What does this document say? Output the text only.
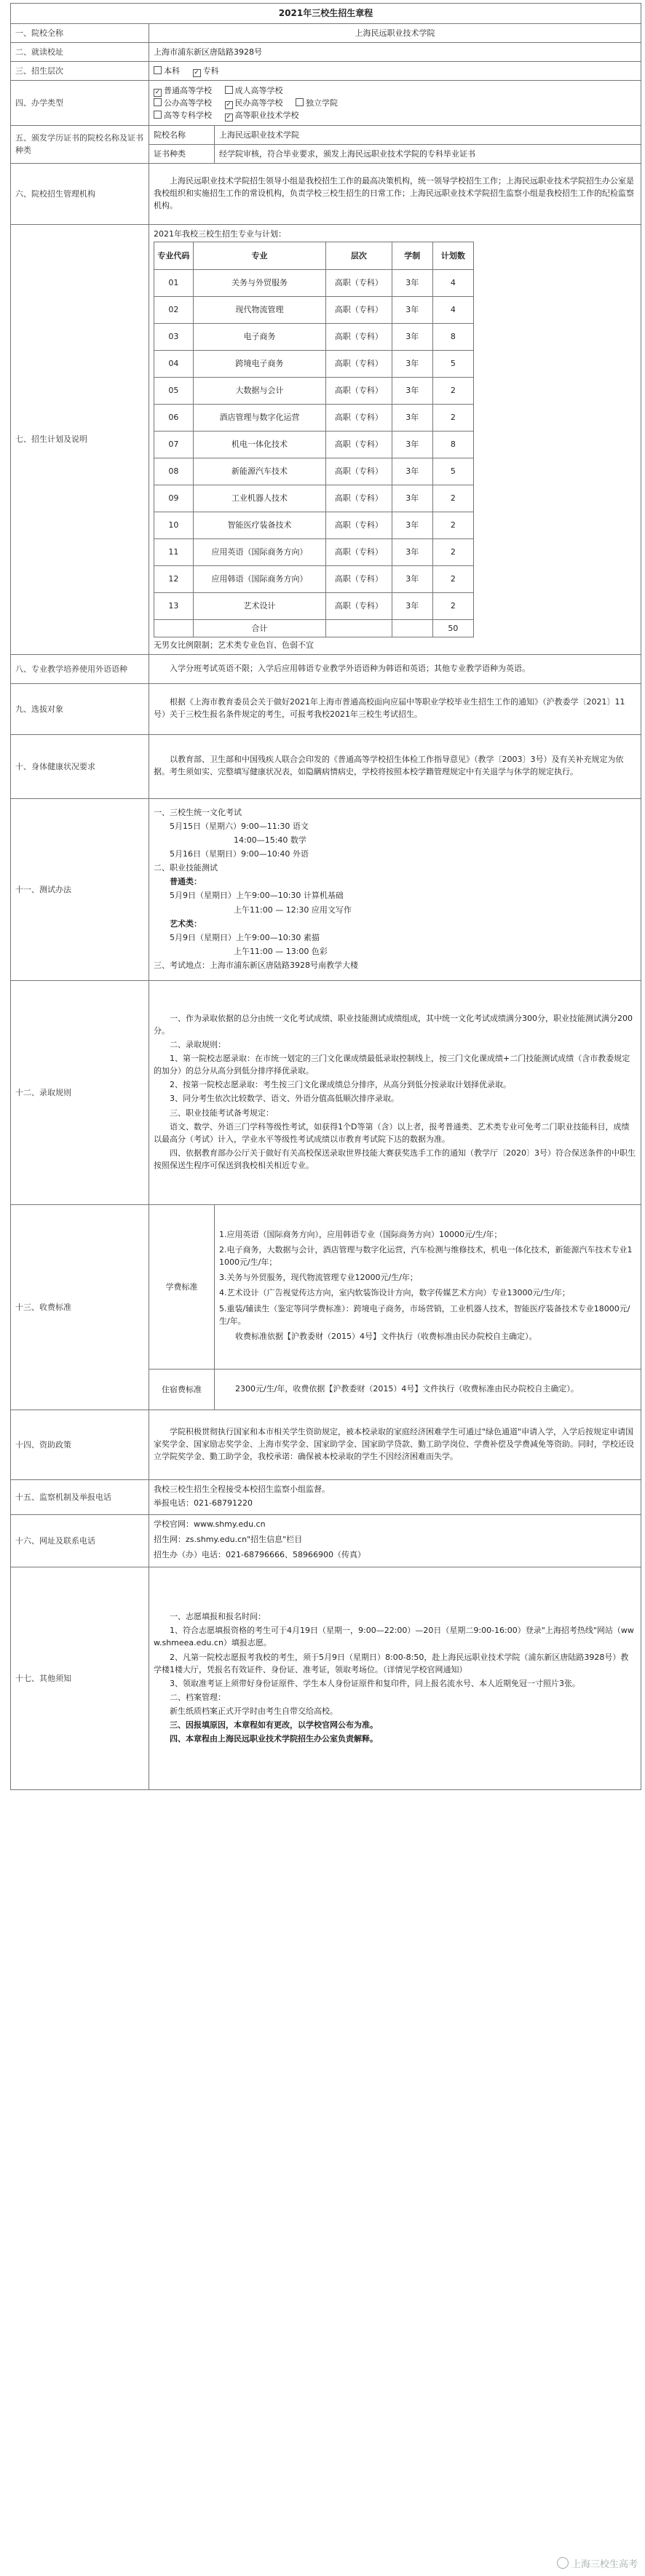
2021年三校生招生章程
一、院校全称	上海民远职业技术学院
二、就读校址	上海市浦东新区唐陆路3928号
三、招生层次	本科 ✓ 专科
四、办学类型	
✓ 普通高等学校	成人高等学校
公办高等学校 ✓ 民办高等学校	独立学院
高等专科学校 ✓ 高等职业技术学校

五、颁发学历证书的院校名称及证书种类	院校名称	上海民远职业技术学院
证书种类	经学院审核，符合毕业要求，颁发上海民远职业技术学院的专科毕业证书
六、院校招生管理机构	

上海民远职业技术学院招生领导小组是我校招生工作的最高决策机构，统一领导学校招生工作；上海民远职业技术学院招生办公室是我校组织和实施招生工作的常设机构，负责学校三校生招生的日常工作；上海民远职业技术学院招生监察小组是我校招生工作的纪检监察机构。

七、招生计划及说明	
2021年我校三校生招生专业与计划：
专业代码	专业	层次	学制	计划数
01	关务与外贸服务	高职（专科）	3年	4
02	现代物流管理	高职（专科）	3年	4
03	电子商务	高职（专科）	3年	8
04	跨境电子商务	高职（专科）	3年	5
05	大数据与会计	高职（专科）	3年	2
06	酒店管理与数字化运营	高职（专科）	3年	2
07	机电一体化技术	高职（专科）	3年	8
08	新能源汽车技术	高职（专科）	3年	5
09	工业机器人技术	高职（专科）	3年	2
10	智能医疗装备技术	高职（专科）	3年	2
11	应用英语（国际商务方向）	高职（专科）	3年	2
12	应用韩语（国际商务方向）	高职（专科）	3年	2
13	艺术设计	高职（专科）	3年	2
	合计			50
无男女比例限制；艺术类专业色盲、色弱不宜

八、专业教学培养使用外语语种	入学分班考试英语不限；入学后应用韩语专业教学外语语种为韩语和英语；其他专业教学语种为英语。

九、选拔对象	

根据《上海市教育委员会关于做好2021年上海市普通高校面向应届中等职业学校毕业生招生工作的通知》（沪教委学〔2021〕11号）关于三校生报名条件规定的考生，可报考我校2021年三校生考试招生。

十、身体健康状况要求	

以教育部、卫生部和中国残疾人联合会印发的《普通高等学校招生体检工作指导意见》（教学〔2003〕3号）及有关补充规定为依据。考生须如实、完整填写健康状况表，如隐瞒病情病史，学校将按照本校学籍管理规定中有关退学与休学的规定执行。

十一、测试办法	

一、三校生统一文化考试

5月15日（星期六）9:00—11:30 语文

14:00—15:40 数学

5月16日（星期日）9:00—10:40 外语

二、职业技能测试

普通类：

5月9日（星期日）上午9:00—10:30 计算机基础

上午11:00 — 12:30 应用文写作

艺术类：

5月9日（星期日）上午9:00—10:30 素描

上午11:00 — 13:00 色彩

三、考试地点：上海市浦东新区唐陆路3928号南教学大楼

十二、录取规则	

一、作为录取依据的总分由统一文化考试成绩、职业技能测试成绩组成，其中统一文化考试成绩满分300分，职业技能测试满分200分。

二、录取规则：

1、第一院校志愿录取：在市统一划定的三门文化课成绩最低录取控制线上，按三门文化课成绩+二门技能测试成绩（含市教委规定的加分）的总分从高分到低分排序择优录取。

2、按第一院校志愿录取：考生按三门文化课成绩总分排序，从高分到低分按录取计划择优录取。

3、同分考生依次比较数学、语文、外语分值高低顺次排序录取。

三、职业技能考试备考规定：

语文、数学、外语三门学科等级性考试，如获得1个D等第（含）以上者，报考普通类、艺术类专业可免考二门职业技能科目，成绩以最高分（考试）计入，学业水平等级性考试成绩以市教育考试院下达的数据为准。

四、依据教育部办公厅关于做好有关高校保送录取世界技能大赛获奖选手工作的通知（教学厅〔2020〕3号）符合保送条件的中职生按照保送生程序可保送到我校相关相近专业。

十三、收费标准	学费标准	

1.应用英语（国际商务方向），应用韩语专业（国际商务方向）10000元/生/年；

2.电子商务，大数据与会计，酒店管理与数字化运营，汽车检测与维修技术，机电一体化技术，新能源汽车技术专业11000元/生/年；

3.关务与外贸服务，现代物流管理专业12000元/生/年；

4.艺术设计（广告视觉传达方向，室内软装饰设计方向，数字传媒艺术方向）专业13000元/生/年；

5.重装/辅读生（鉴定等同学费标准）：跨境电子商务，市场营销，工业机器人技术，智能医疗装备技术专业18000元/生/年。

收费标准依据【沪教委财（2015）4号】文件执行（收费标准由民办院校自主确定）。

住宿费标准	2300元/生/年，收费依据【沪教委财（2015）4号】文件执行（收费标准由民办院校自主确定）。

十四、资助政策	

学院积极贯彻执行国家和本市相关学生资助规定，被本校录取的家庭经济困难学生可通过"绿色通道"申请入学，入学后按规定申请国家奖学金、国家励志奖学金、上海市奖学金、国家助学金、国家助学贷款、勤工助学岗位、学费补偿及学费减免等资助。同时，学校还设立学院奖学金、勤工助学金，我校承诺：确保被本校录取的学生不因经济困难而失学。

十五、监察机制及举报电话	

我校三校生招生全程接受本校招生监察小组监督。

举报电话：021-68791220

十六、网址及联系电话	

学校官网：www.shmy.edu.cn

招生网：zs.shmy.edu.cn"招生信息"栏目

招生办（办）电话：021-68796666、58966900（传真）

十七、其他须知	

一、志愿填报和报名时间：

1、符合志愿填报资格的考生可于4月19日（星期一，9:00—22:00）—20日（星期二9:00-16:00）登录"上海招考热线"网站（www.shmeea.edu.cn）填报志愿。

2、凡第一院校志愿报考我校的考生，须于5月9日（星期日）8:00-8:50，赴上海民远职业技术学院（浦东新区唐陆路3928号）教学楼1楼大厅，凭报名有效证件、身份证、准考证，领取考场位。（详情见学校官网通知）

3、领取准考证上须带好身份证原件、学生本人身份证原件和复印件，同上报名流水号、本人近期免冠一寸照片3张。

二、档案管理：

新生纸质档案正式开学时由考生自带交给高校。

三、因报填原因，本章程如有更改，以学校官网公布为准。

四、本章程由上海民远职业技术学院招生办公室负责解释。

上海三校生高考
